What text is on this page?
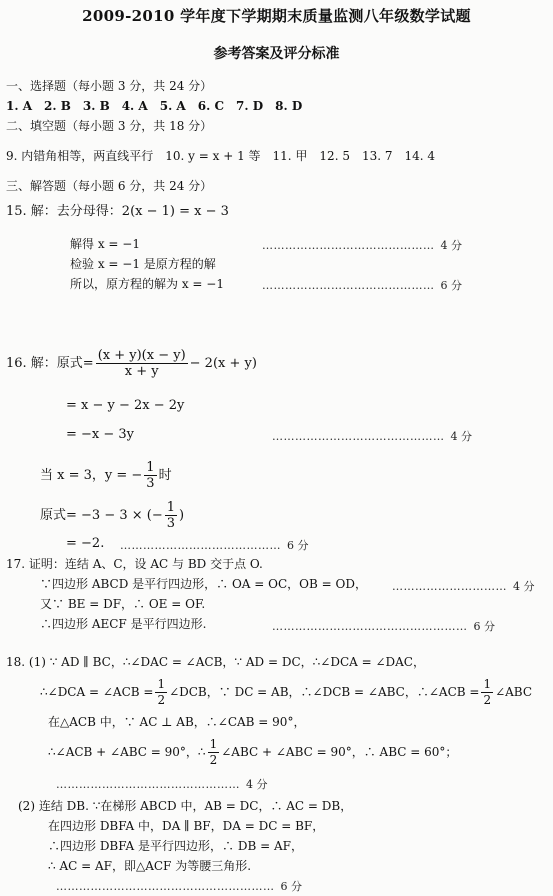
2009-2010 学年度下学期期末质量监测八年级数学试题
参考答案及评分标准
一、选择题（每小题 3 分，共 24 分）
1. A　2. B　3. B　4. A　5. A　6. C　7. D　8. D
二、填空题（每小题 3 分，共 18 分）
9. 内错角相等，两直线平行　10. y = x + 1 等　11. 甲　12. 5　13. 7　14. 4
三、解答题（每小题 6 分，共 24 分）
15. 解：去分母得：2(x − 1) = x − 3
解得 x = −1	……………………………………… 4 分
检验 x = −1 是原方程的解
所以，原方程的解为 x = −1	……………………………………… 6 分
16. 解：原式= $\frac{(x + y)(x - y)}{x + y} - 2(x + y)$
= x − y − 2x − 2y
= −x − 3y	……………………………………… 4 分
当 x = 3，y = − $\frac{1}{3}$ 时
原式= −3 − 3 × (− $\frac{1}{3}$ )
= −2. …………………………………… 6 分
17. 证明：连结 A、C，设 AC 与 BD 交于点 O.
∵四边形 ABCD 是平行四边形，∴ OA = OC，OB = OD， ………………………… 4 分
又∵ BE = DF，∴ OE = OF.
∴四边形 AECF 是平行四边形.	…………………………………………… 6 分
18. (1) ∵ AD ∥ BC，∴∠DAC = ∠ACB，∵ AD = DC，∴∠DCA = ∠DAC，
∴∠DCA = ∠ACB = $\frac{1}{2}$ ∠DCB，∵ DC = AB，∴∠DCB = ∠ABC，∴∠ACB = $\frac{1}{2}$ ∠ABC
在△ACB 中，∵ AC ⊥ AB，∴∠CAB = 90°，
∴∠ACB + ∠ABC = 90°，∴ $\frac{1}{2}$ ∠ABC + ∠ABC = 90°，∴ ABC = 60°；
………………………………………… 4 分
(2) 连结 DB. ∵在梯形 ABCD 中，AB = DC，∴ AC = DB，
在四边形 DBFA 中，DA ∥ BF，DA = DC = BF，
∴四边形 DBFA 是平行四边形，∴ DB = AF，
∴ AC = AF，即△ACF 为等腰三角形.
………………………………………………… 6 分
